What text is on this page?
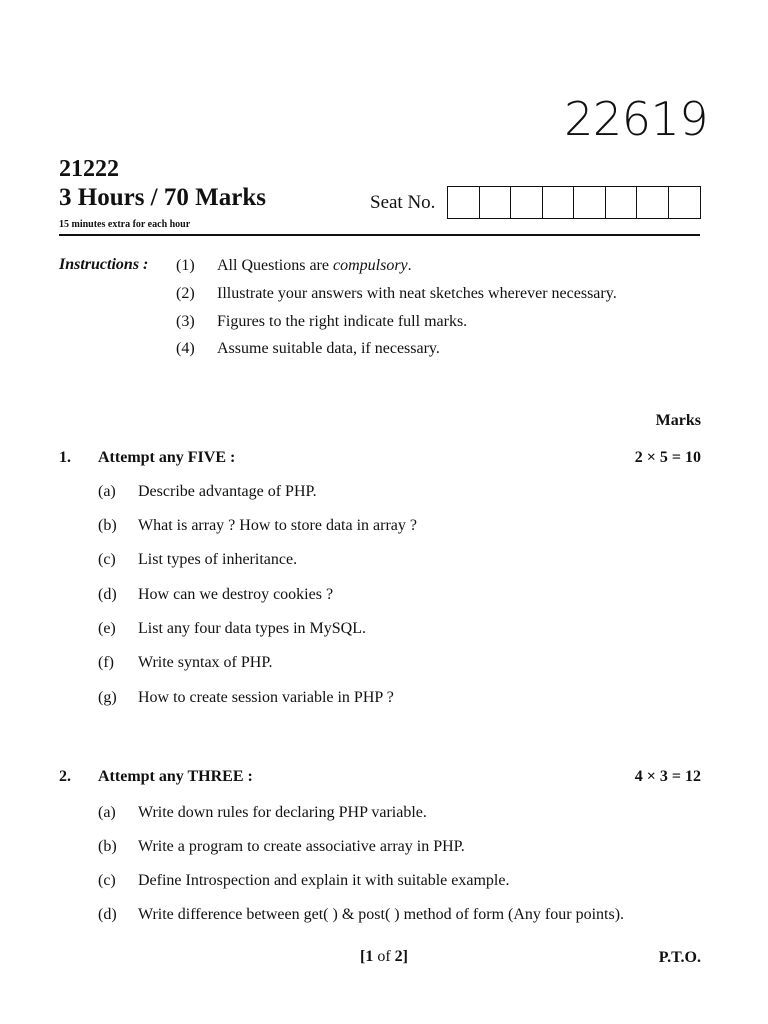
22619
21222
3 Hours / 70 Marks
15 minutes extra for each hour
Seat No.
Instructions : (1)	All Questions are compulsory.
(2)	Illustrate your answers with neat sketches wherever necessary.
(3)	Figures to the right indicate full marks.
(4)	Assume suitable data, if necessary.
Marks
1. Attempt any FIVE :	2 × 5 = 10
(a)	Describe advantage of PHP.
(b)	What is array ? How to store data in array ?
(c)	List types of inheritance.
(d)	How can we destroy cookies ?
(e)	List any four data types in MySQL.
(f)	Write syntax of PHP.
(g)	How to create session variable in PHP ?
2. Attempt any THREE :	4 × 3 = 12
(a)	Write down rules for declaring PHP variable.
(b)	Write a program to create associative array in PHP.
(c)	Define Introspection and explain it with suitable example.
(d)	Write difference between get( ) & post( ) method of form (Any four points).
[1 of 2]	P.T.O.
